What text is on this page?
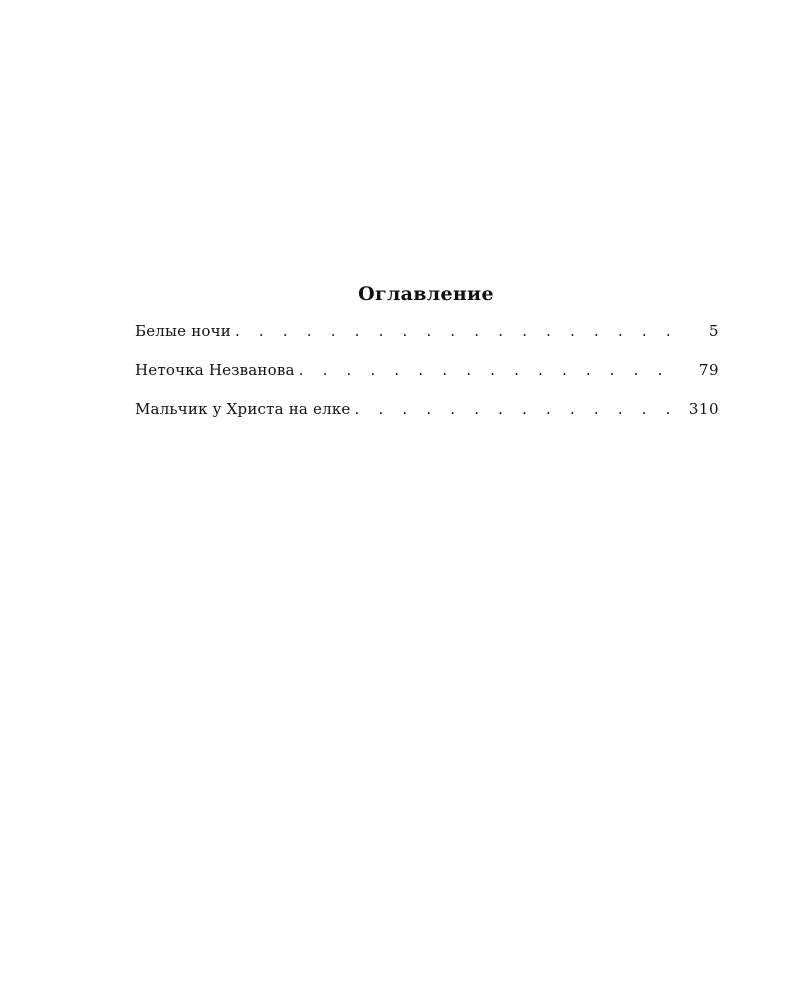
Оглавление
Белые ночи . . .	5
Неточка Незванова . . .	79
Мальчик у Христа на елке . . .	310
